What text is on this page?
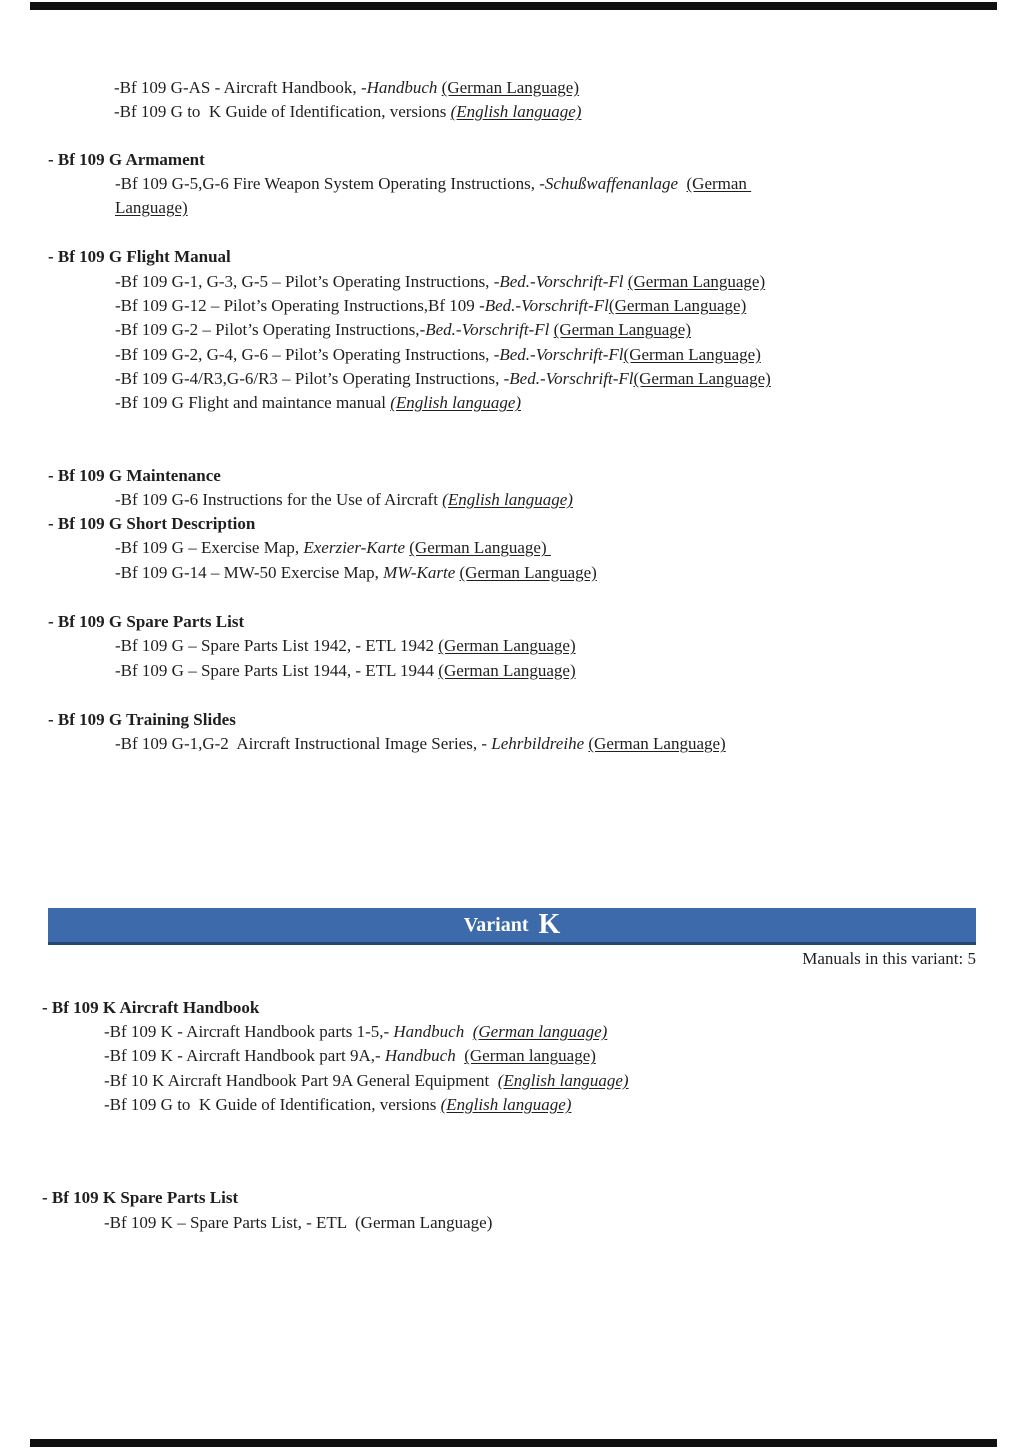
-Bf 109 G-AS - Aircraft Handbook, -Handbuch (German Language)
-Bf 109 G to  K Guide of Identification, versions (English language)
- Bf 109 G Armament
-Bf 109 G-5,G-6 Fire Weapon System Operating Instructions, -Schußwaffenanlage (German
Language)
- Bf 109 G Flight Manual
-Bf 109 G-1, G-3, G-5 – Pilot’s Operating Instructions, -Bed.-Vorschrift-Fl (German Language)
-Bf 109 G-12 – Pilot’s Operating Instructions,Bf 109 -Bed.-Vorschrift-Fl(German Language)
-Bf 109 G-2 – Pilot’s Operating Instructions,-Bed.-Vorschrift-Fl (German Language)
-Bf 109 G-2, G-4, G-6 – Pilot’s Operating Instructions, -Bed.-Vorschrift-Fl(German Language)
-Bf 109 G-4/R3,G-6/R3 – Pilot’s Operating Instructions, -Bed.-Vorschrift-Fl(German Language)
-Bf 109 G Flight and maintance manual (English language)
- Bf 109 G Maintenance
-Bf 109 G-6 Instructions for the Use of Aircraft (English language)
- Bf 109 G Short Description
-Bf 109 G – Exercise Map, Exerzier-Karte (German Language)
-Bf 109 G-14 – MW-50 Exercise Map, MW-Karte (German Language)
- Bf 109 G Spare Parts List
-Bf 109 G – Spare Parts List 1942, - ETL 1942 (German Language)
-Bf 109 G – Spare Parts List 1944, - ETL 1944 (German Language)
- Bf 109 G Training Slides
-Bf 109 G-1,G-2  Aircraft Instructional Image Series, - Lehrbildreihe (German Language)
Variant K
Manuals in this variant: 5
- Bf 109 K Aircraft Handbook
-Bf 109 K - Aircraft Handbook parts 1-5,- Handbuch (German language)
-Bf 109 K - Aircraft Handbook part 9A,- Handbuch (German language)
-Bf 10 K Aircraft Handbook Part 9A General Equipment  (English language)
-Bf 109 G to  K Guide of Identification, versions (English language)
- Bf 109 K Spare Parts List
-Bf 109 K – Spare Parts List, - ETL  (German Language)
